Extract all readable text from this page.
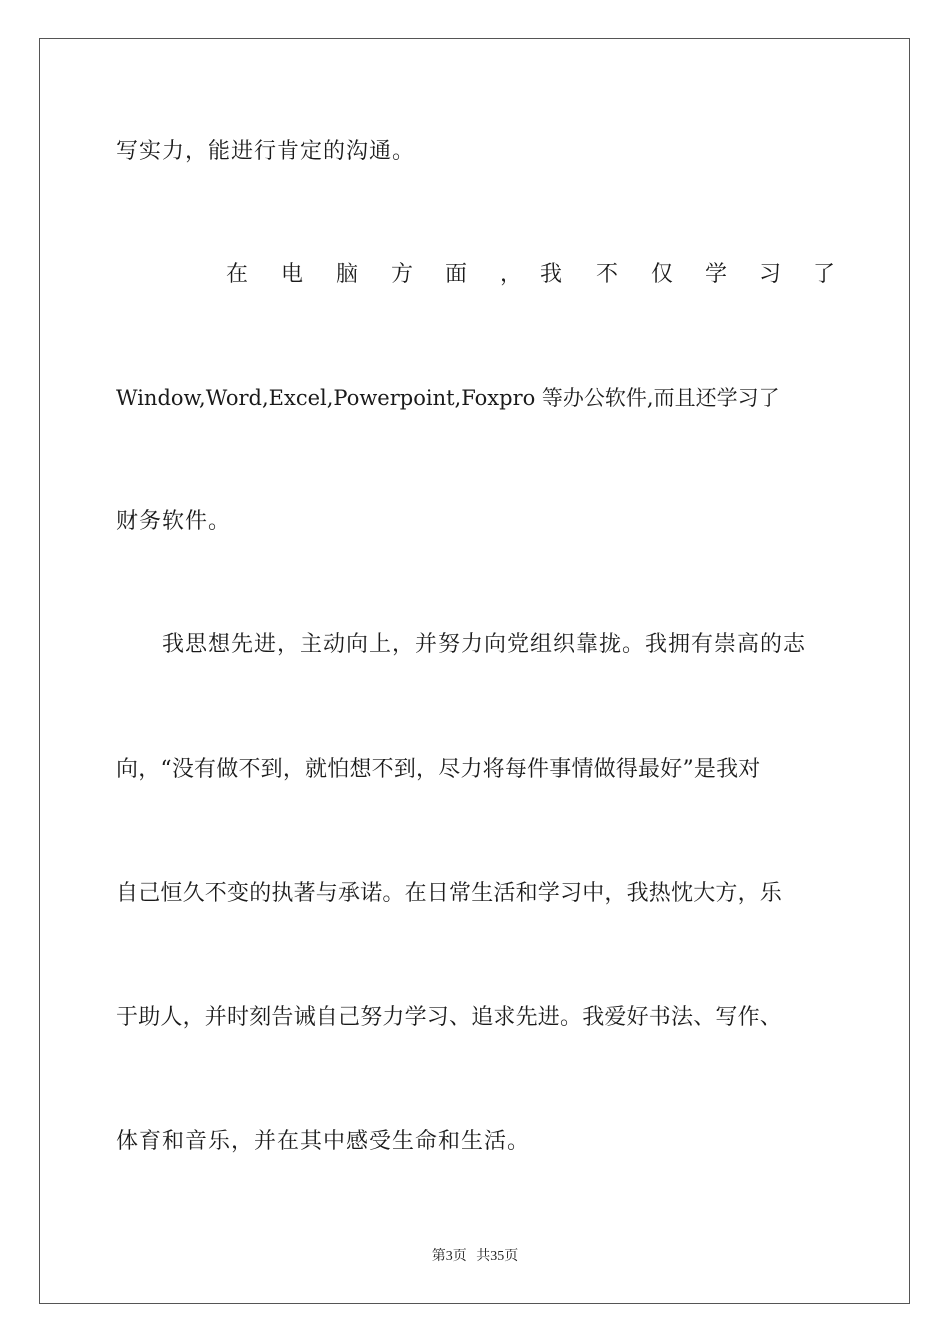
写实力，能进行肯定的沟通。
在 电 脑 方 面 ， 我 不 仅 学 习 了
Window,Word,Excel,Powerpoint,Foxpro 等办公软件,而且还学习了
财务软件。
我思想先进，主动向上，并努力向党组织靠拢。我拥有崇高的志
向，“没有做不到，就怕想不到，尽力将每件事情做得最好”是我对
自己恒久不变的执著与承诺。在日常生活和学习中，我热忱大方，乐
于助人，并时刻告诫自己努力学习、追求先进。我爱好书法、写作、
体育和音乐，并在其中感受生命和生活。
第3页 共35页
